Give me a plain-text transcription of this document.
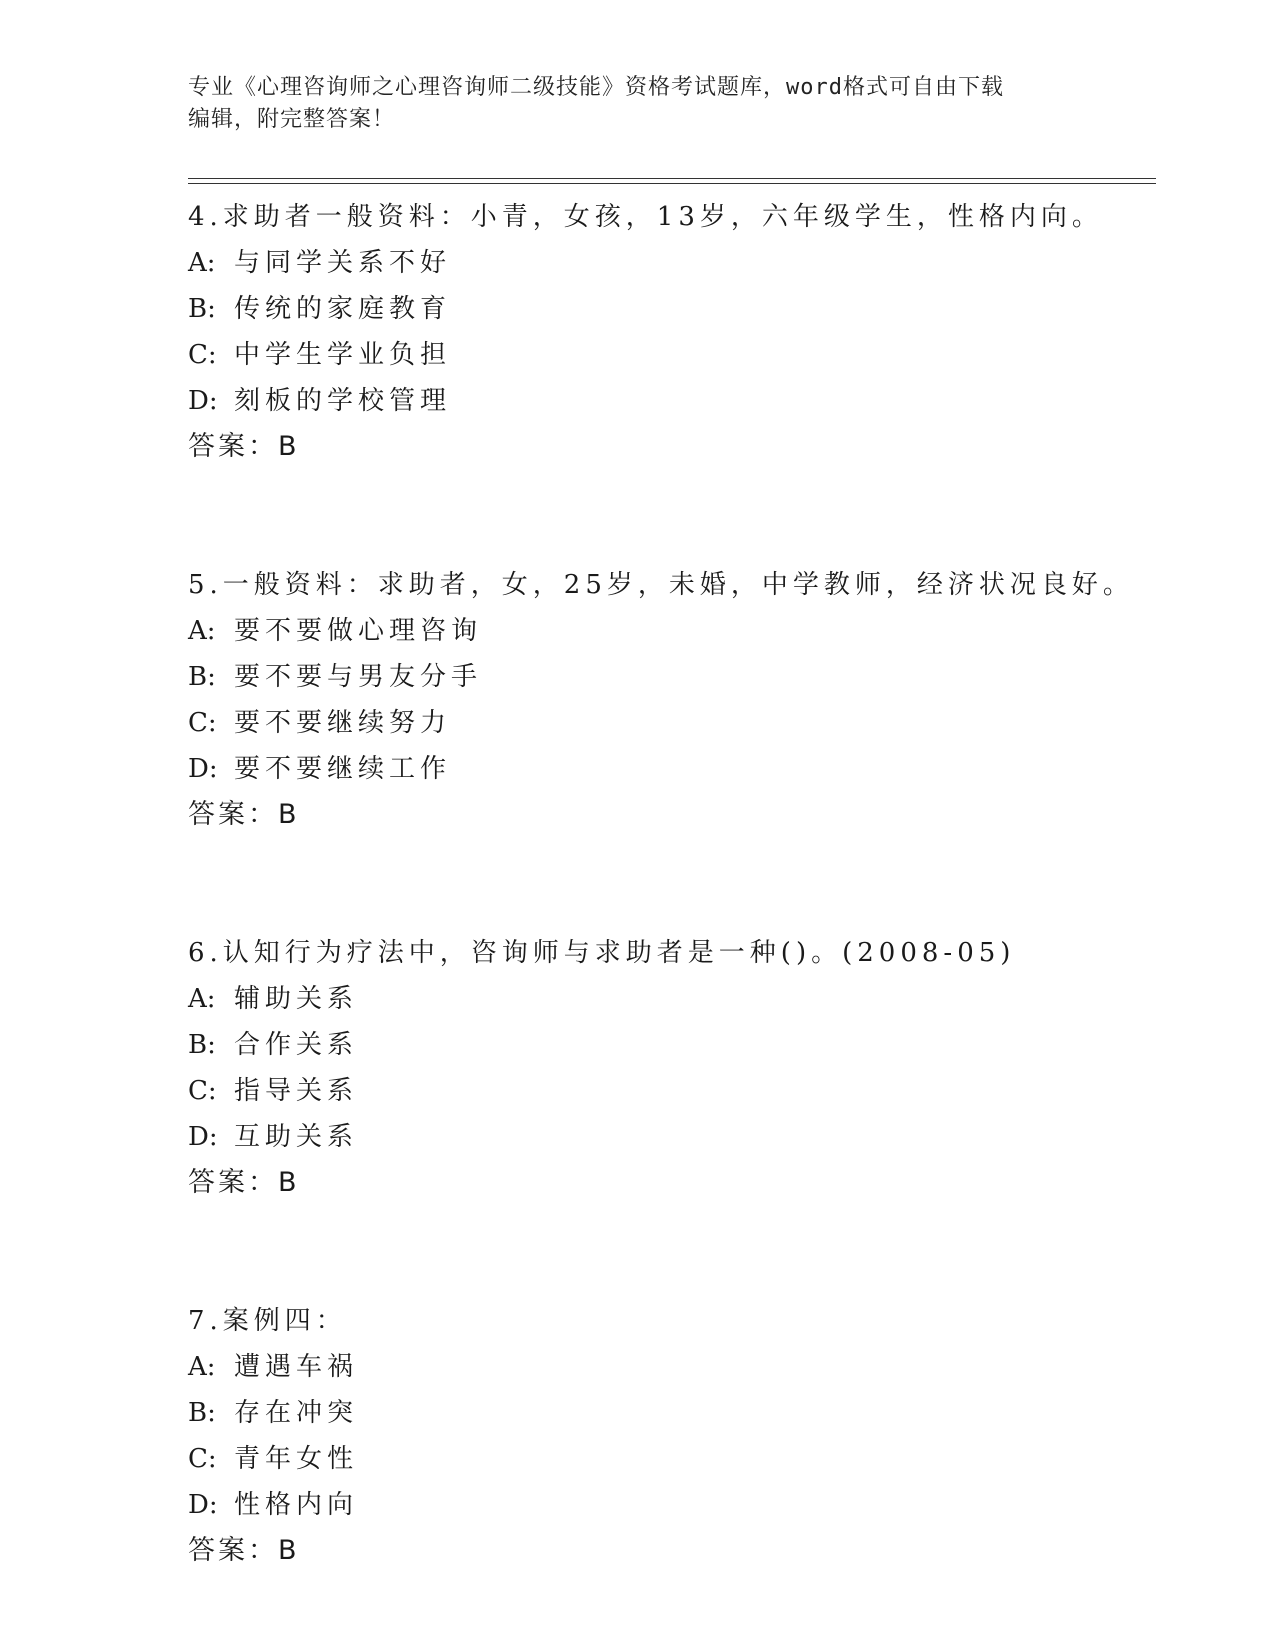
专业《心理咨询师之心理咨询师二级技能》资格考试题库，word格式可自由下载
编辑，附完整答案！
4.求助者一般资料：小青，女孩，13岁，六年级学生，性格内向。
A: 与同学关系不好
B: 传统的家庭教育
C: 中学生学业负担
D: 刻板的学校管理
答案：B
5.一般资料：求助者，女，25岁，未婚，中学教师，经济状况良好。
A: 要不要做心理咨询
B: 要不要与男友分手
C: 要不要继续努力
D: 要不要继续工作
答案：B
6.认知行为疗法中，咨询师与求助者是一种()。(2008-05)
A: 辅助关系
B: 合作关系
C: 指导关系
D: 互助关系
答案：B
7.案例四：
A: 遭遇车祸
B: 存在冲突
C: 青年女性
D: 性格内向
答案：B
